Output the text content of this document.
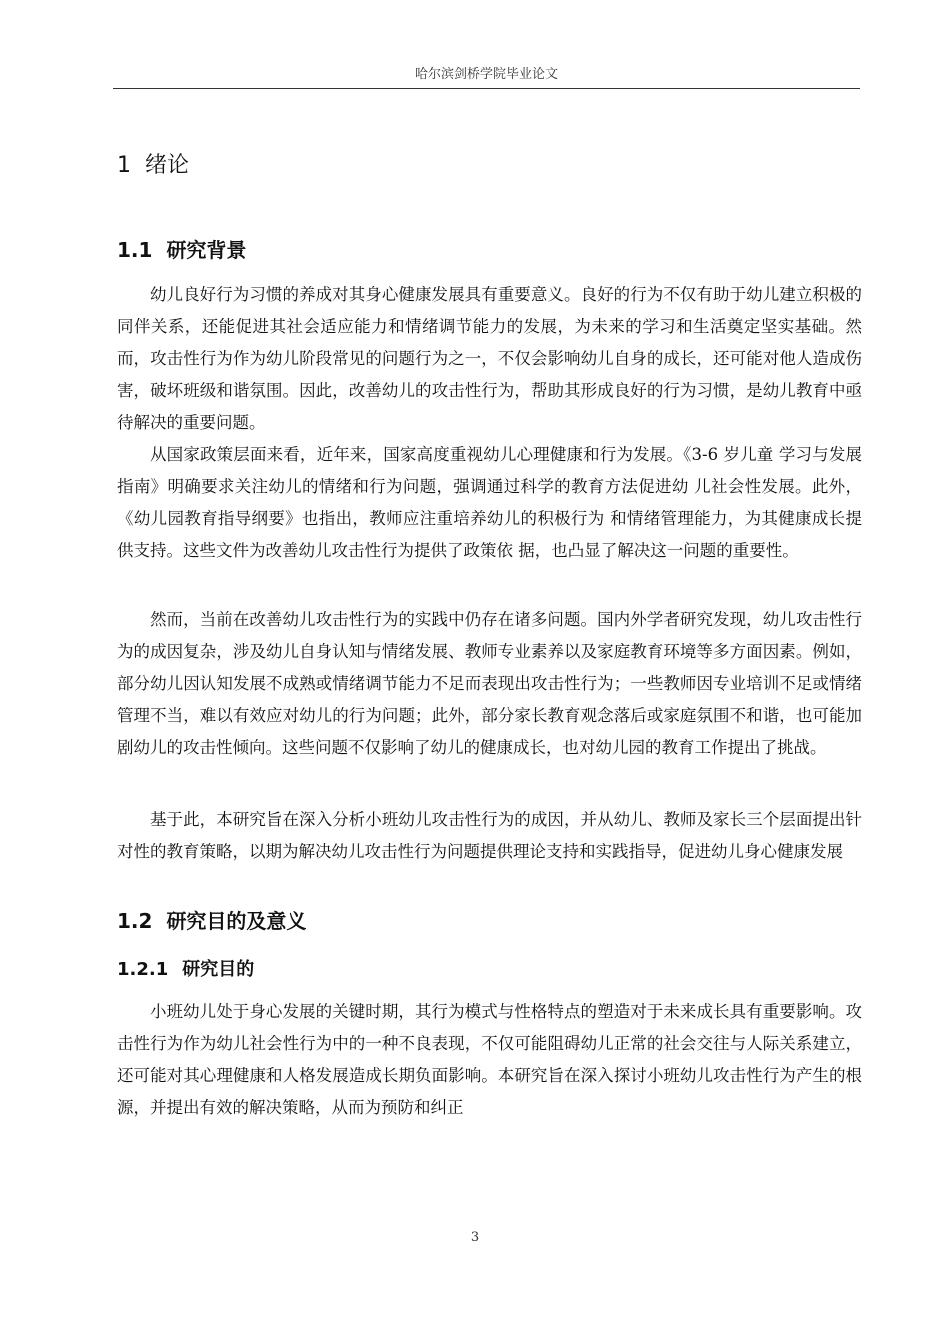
哈尔滨剑桥学院毕业论文
1 绪论
1.1 研究背景

幼儿良好行为习惯的养成对其身心健康发展具有重要意义。良好的行为不仅有助于幼儿建立积极的同伴关系，还能促进其社会适应能力和情绪调节能力的发展，为未来的学习和生活奠定坚实基础。然而，攻击性行为作为幼儿阶段常见的问题行为之一，不仅会影响幼儿自身的成长，还可能对他人造成伤害，破坏班级和谐氛围。因此，改善幼儿的攻击性行为，帮助其形成良好的行为习惯，是幼儿教育中亟待解决的重要问题。

从国家政策层面来看，近年来，国家高度重视幼儿心理健康和行为发展。《3-6 岁儿童 学习与发展指南》明确要求关注幼儿的情绪和行为问题，强调通过科学的教育方法促进幼 儿社会性发展。此外，《幼儿园教育指导纲要》也指出，教师应注重培养幼儿的积极行为 和情绪管理能力，为其健康成长提供支持。这些文件为改善幼儿攻击性行为提供了政策依 据，也凸显了解决这一问题的重要性。

然而，当前在改善幼儿攻击性行为的实践中仍存在诸多问题。国内外学者研究发现，幼儿攻击性行为的成因复杂，涉及幼儿自身认知与情绪发展、教师专业素养以及家庭教育环境等多方面因素。例如，部分幼儿因认知发展不成熟或情绪调节能力不足而表现出攻击性行为；一些教师因专业培训不足或情绪管理不当，难以有效应对幼儿的行为问题；此外，部分家长教育观念落后或家庭氛围不和谐，也可能加剧幼儿的攻击性倾向。这些问题不仅影响了幼儿的健康成长，也对幼儿园的教育工作提出了挑战。

基于此，本研究旨在深入分析小班幼儿攻击性行为的成因，并从幼儿、教师及家长三个层面提出针对性的教育策略，以期为解决幼儿攻击性行为问题提供理论支持和实践指导，促进幼儿身心健康发展

1.2 研究目的及意义
1.2.1 研究目的

小班幼儿处于身心发展的关键时期，其行为模式与性格特点的塑造对于未来成长具有重要影响。攻击性行为作为幼儿社会性行为中的一种不良表现，不仅可能阻碍幼儿正常的社会交往与人际关系建立，还可能对其心理健康和人格发展造成长期负面影响。本研究旨在深入探讨小班幼儿攻击性行为产生的根源，并提出有效的解决策略，从而为预防和纠正

3
